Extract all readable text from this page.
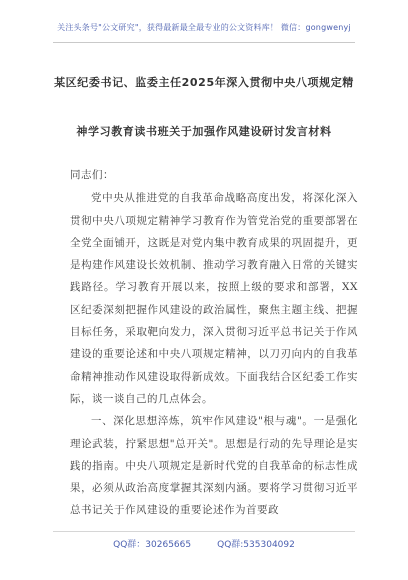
关注头条号"公文研究"，获得最新最全最专业的公文资料库！ 微信：gongwenyj
某区纪委书记、监委主任2025年深入贯彻中央八项规定精
神学习教育读书班关于加强作风建设研讨发言材料

同志们：

党中央从推进党的自我革命战略高度出发，将深化深入贯彻中央八项规定精神学习教育作为管党治党的重要部署在全党全面铺开，这既是对党内集中教育成果的巩固提升，更是构建作风建设长效机制、推动学习教育融入日常的关键实践路径。学习教育开展以来，按照上级的要求和部署，XX区纪委深刻把握作风建设的政治属性，聚焦主题主线、把握目标任务，采取靶向发力，深入贯彻习近平总书记关于作风建设的重要论述和中央八项规定精神，以刀刃向内的自我革命精神推动作风建设取得新成效。下面我结合区纪委工作实际，谈一谈自己的几点体会。

一、深化思想淬炼，筑牢作风建设"根与魂"。一是强化理论武装，拧紧思想"总开关"。思想是行动的先导理论是实践的指南。中央八项规定是新时代党的自我革命的标志性成果，必须从政治高度掌握其深刻内涵。要将学习贯彻习近平总书记关于作风建设的重要论述作为首要政

QQ群：30265665	QQ群:535304092
